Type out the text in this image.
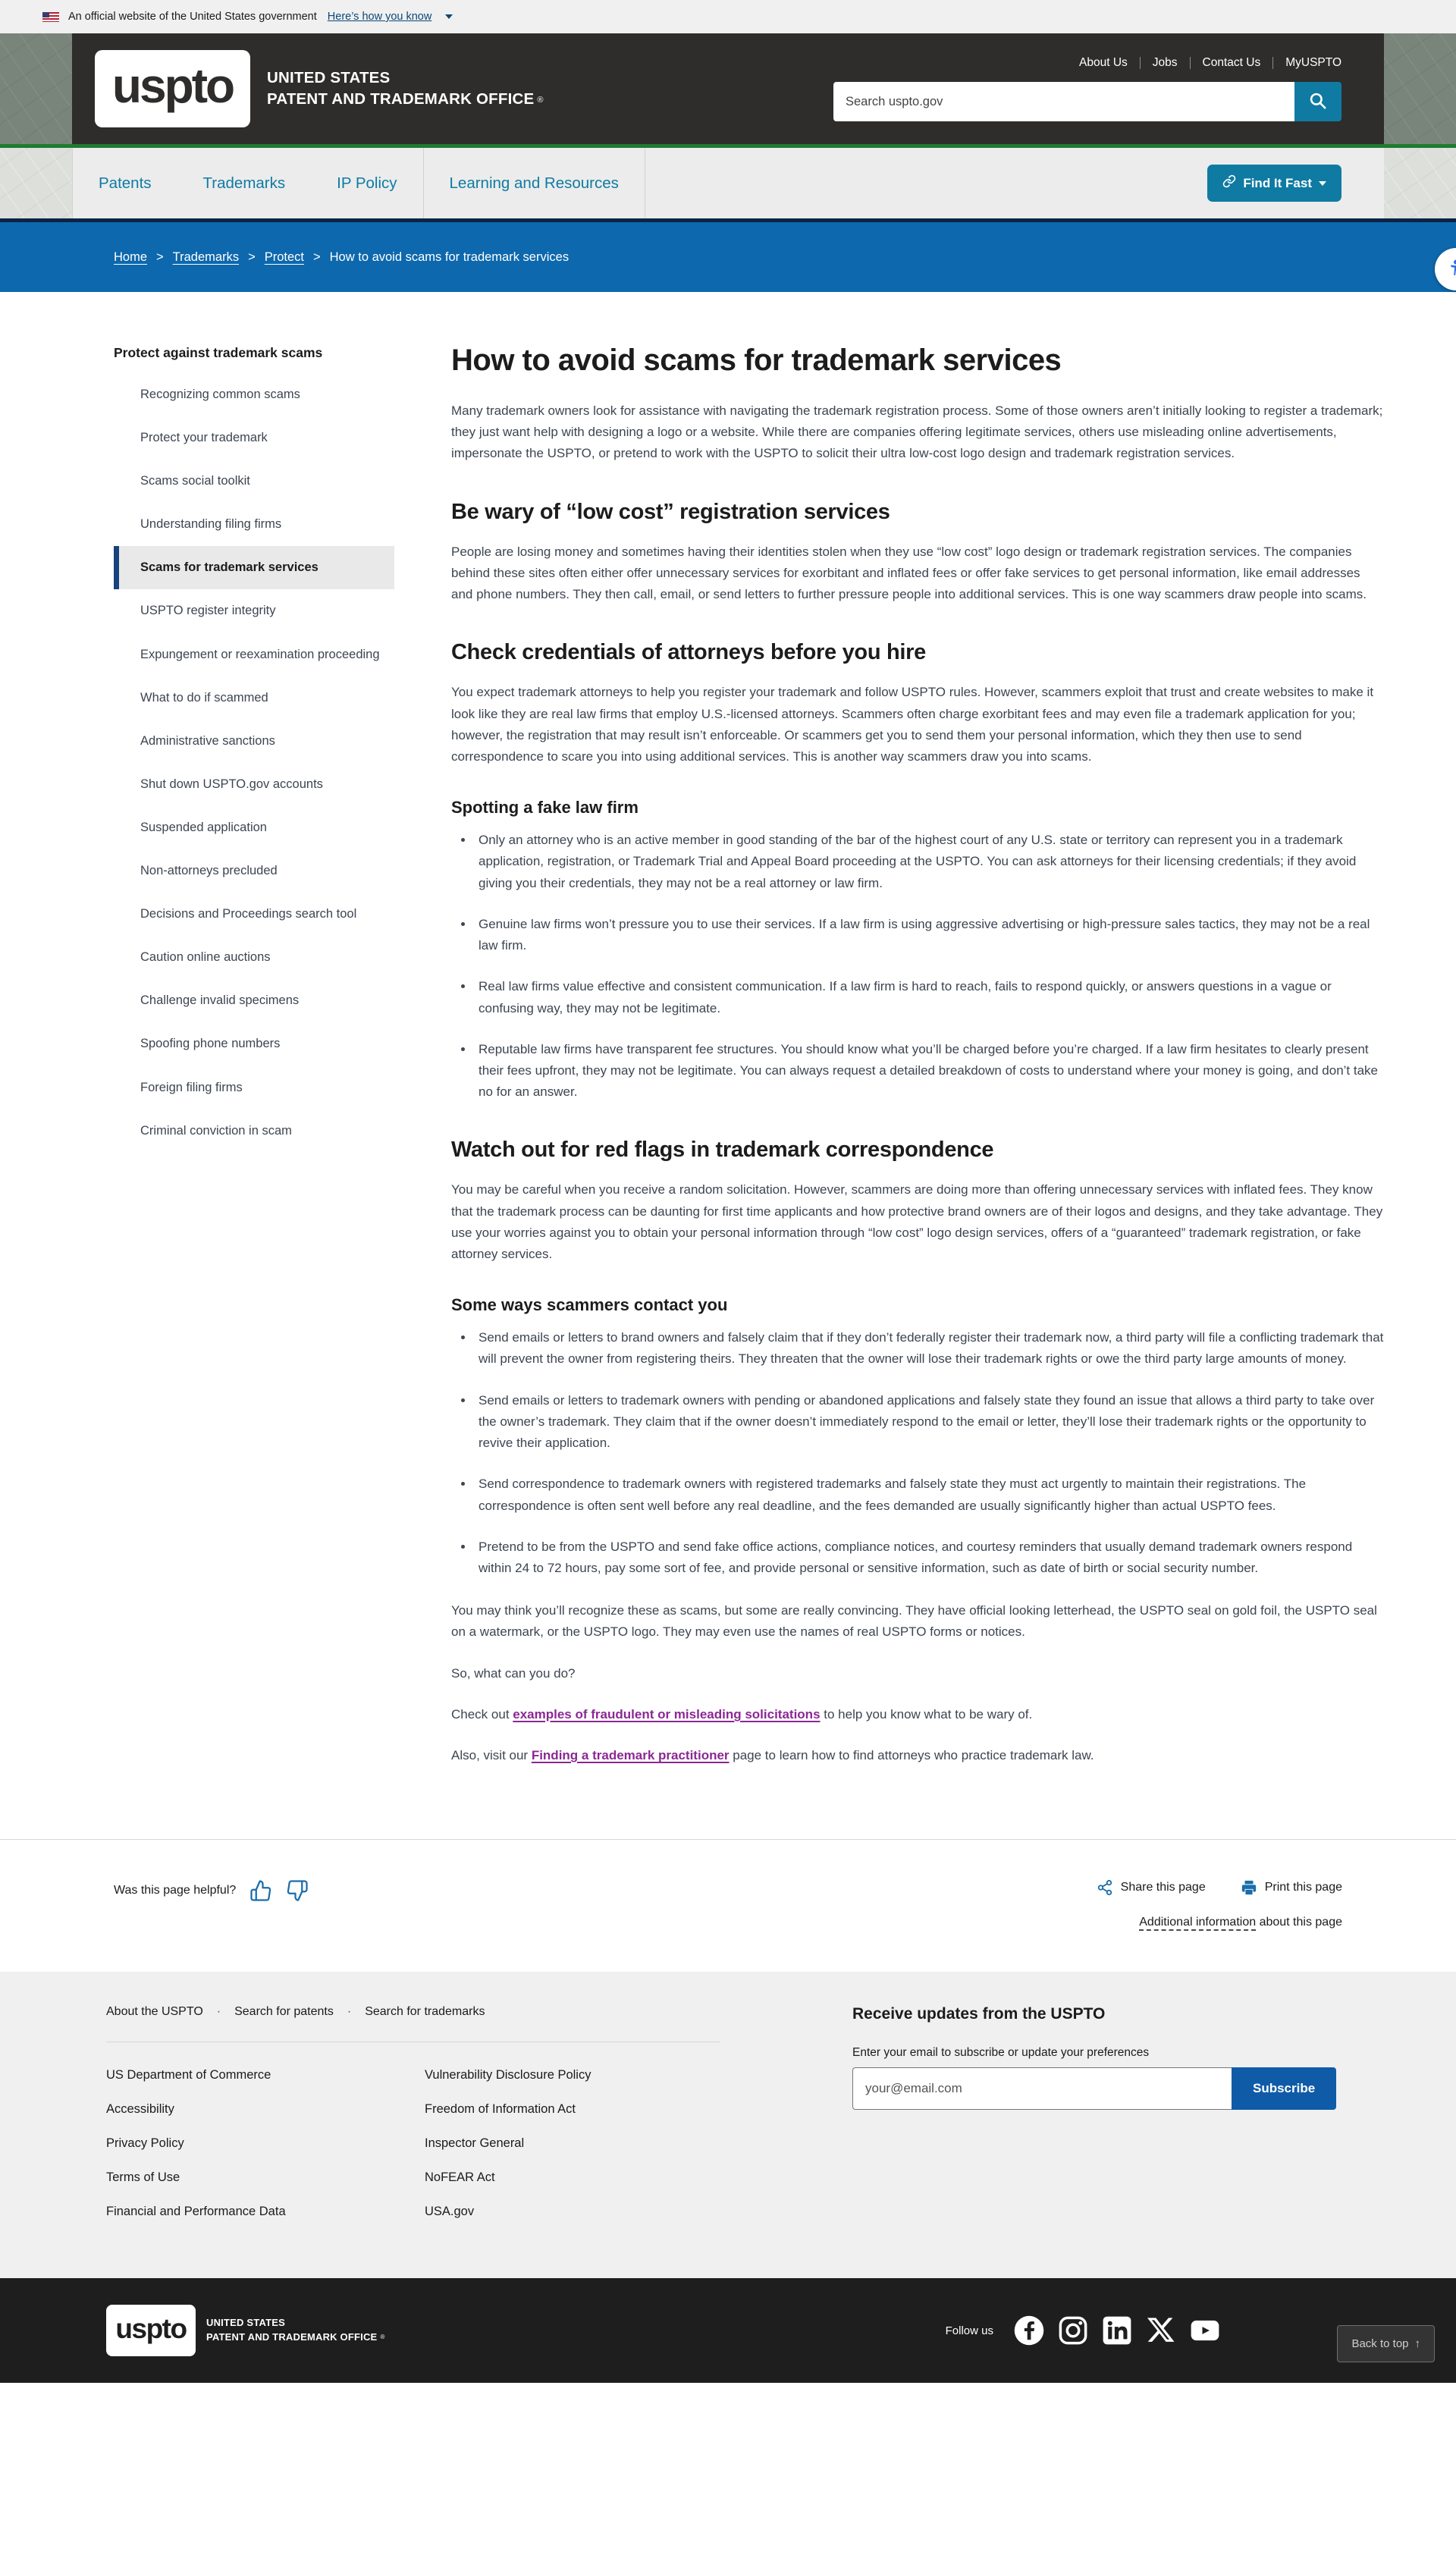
An official website of the United States government Here’s how you know
uspto UNITED STATES
PATENT AND TRADEMARK OFFICE ®
About Us Jobs Contact Us MyUSPTO
Search uspto.gov
Patents	Trademarks	IP Policy	Learning and Resources	Find It Fast
Home > Trademarks > Protect > How to avoid scams for trademark services
Protect against trademark scams
Recognizing common scams
Protect your trademark
Scams social toolkit
Understanding filing firms
Scams for trademark services
USPTO register integrity
Expungement or reexamination proceeding
What to do if scammed
Administrative sanctions
Shut down USPTO.gov accounts
Suspended application
Non-attorneys precluded
Decisions and Proceedings search tool
Caution online auctions
Challenge invalid specimens
Spoofing phone numbers
Foreign filing firms
Criminal conviction in scam
How to avoid scams for trademark services

Many trademark owners look for assistance with navigating the trademark registration process. Some of those owners aren’t initially looking to register a trademark; they just want help with designing a logo or a website. While there are companies offering legitimate services, others use misleading online advertisements, impersonate the USPTO, or pretend to work with the USPTO to solicit their ultra low-cost logo design and trademark registration services.

Be wary of “low cost” registration services

People are losing money and sometimes having their identities stolen when they use “low cost” logo design or trademark registration services. The companies behind these sites often either offer unnecessary services for exorbitant and inflated fees or offer fake services to get personal information, like email addresses and phone numbers. They then call, email, or send letters to further pressure people into additional services. This is one way scammers draw people into scams.

Check credentials of attorneys before you hire

You expect trademark attorneys to help you register your trademark and follow USPTO rules. However, scammers exploit that trust and create websites to make it look like they are real law firms that employ U.S.-licensed attorneys. Scammers often charge exorbitant fees and may even file a trademark application for you; however, the registration that may result isn’t enforceable. Or scammers get you to send them your personal information, which they then use to send correspondence to scare you into using additional services. This is another way scammers draw you into scams.

Spotting a fake law firm
• Only an attorney who is an active member in good standing of the bar of the highest court of any U.S. state or territory can represent you in a trademark application, registration, or Trademark Trial and Appeal Board proceeding at the USPTO. You can ask attorneys for their licensing credentials; if they avoid giving you their credentials, they may not be a real attorney or law firm.
• Genuine law firms won’t pressure you to use their services. If a law firm is using aggressive advertising or high-pressure sales tactics, they may not be a real law firm.
• Real law firms value effective and consistent communication. If a law firm is hard to reach, fails to respond quickly, or answers questions in a vague or confusing way, they may not be legitimate.
• Reputable law firms have transparent fee structures. You should know what you’ll be charged before you’re charged. If a law firm hesitates to clearly present their fees upfront, they may not be legitimate. You can always request a detailed breakdown of costs to understand where your money is going, and don’t take no for an answer.
Watch out for red flags in trademark correspondence

You may be careful when you receive a random solicitation. However, scammers are doing more than offering unnecessary services with inflated fees. They know that the trademark process can be daunting for first time applicants and how protective brand owners are of their logos and designs, and they take advantage. They use your worries against you to obtain your personal information through “low cost” logo design services, offers of a “guaranteed” trademark registration, or fake attorney services.

Some ways scammers contact you
• Send emails or letters to brand owners and falsely claim that if they don’t federally register their trademark now, a third party will file a conflicting trademark that will prevent the owner from registering theirs. They threaten that the owner will lose their trademark rights or owe the third party large amounts of money.
• Send emails or letters to trademark owners with pending or abandoned applications and falsely state they found an issue that allows a third party to take over the owner’s trademark. They claim that if the owner doesn’t immediately respond to the email or letter, they’ll lose their trademark rights or the opportunity to revive their application.
• Send correspondence to trademark owners with registered trademarks and falsely state they must act urgently to maintain their registrations. The correspondence is often sent well before any real deadline, and the fees demanded are usually significantly higher than actual USPTO fees.
• Pretend to be from the USPTO and send fake office actions, compliance notices, and courtesy reminders that usually demand trademark owners respond within 24 to 72 hours, pay some sort of fee, and provide personal or sensitive information, such as date of birth or social security number.

You may think you’ll recognize these as scams, but some are really convincing. They have official looking letterhead, the USPTO seal on gold foil, the USPTO seal on a watermark, or the USPTO logo. They may even use the names of real USPTO forms or notices.

So, what can you do?

Check out examples of fraudulent or misleading solicitations to help you know what to be wary of.

Also, visit our Finding a trademark practitioner page to learn how to find attorneys who practice trademark law.

Was this page helpful?	Share this page	Print this page
Additional information about this page
About the USPTO · Search for patents · Search for trademarks
US Department of Commerce
Accessibility
Privacy Policy
Terms of Use
Financial and Performance Data
Vulnerability Disclosure Policy
Freedom of Information Act
Inspector General
NoFEAR Act
USA.gov
Receive updates from the USPTO
Enter your email to subscribe or update your preferences
your@email.com
Subscribe
uspto UNITED STATES
PATENT AND TRADEMARK OFFICE ®	Follow us
Back to top ↑
